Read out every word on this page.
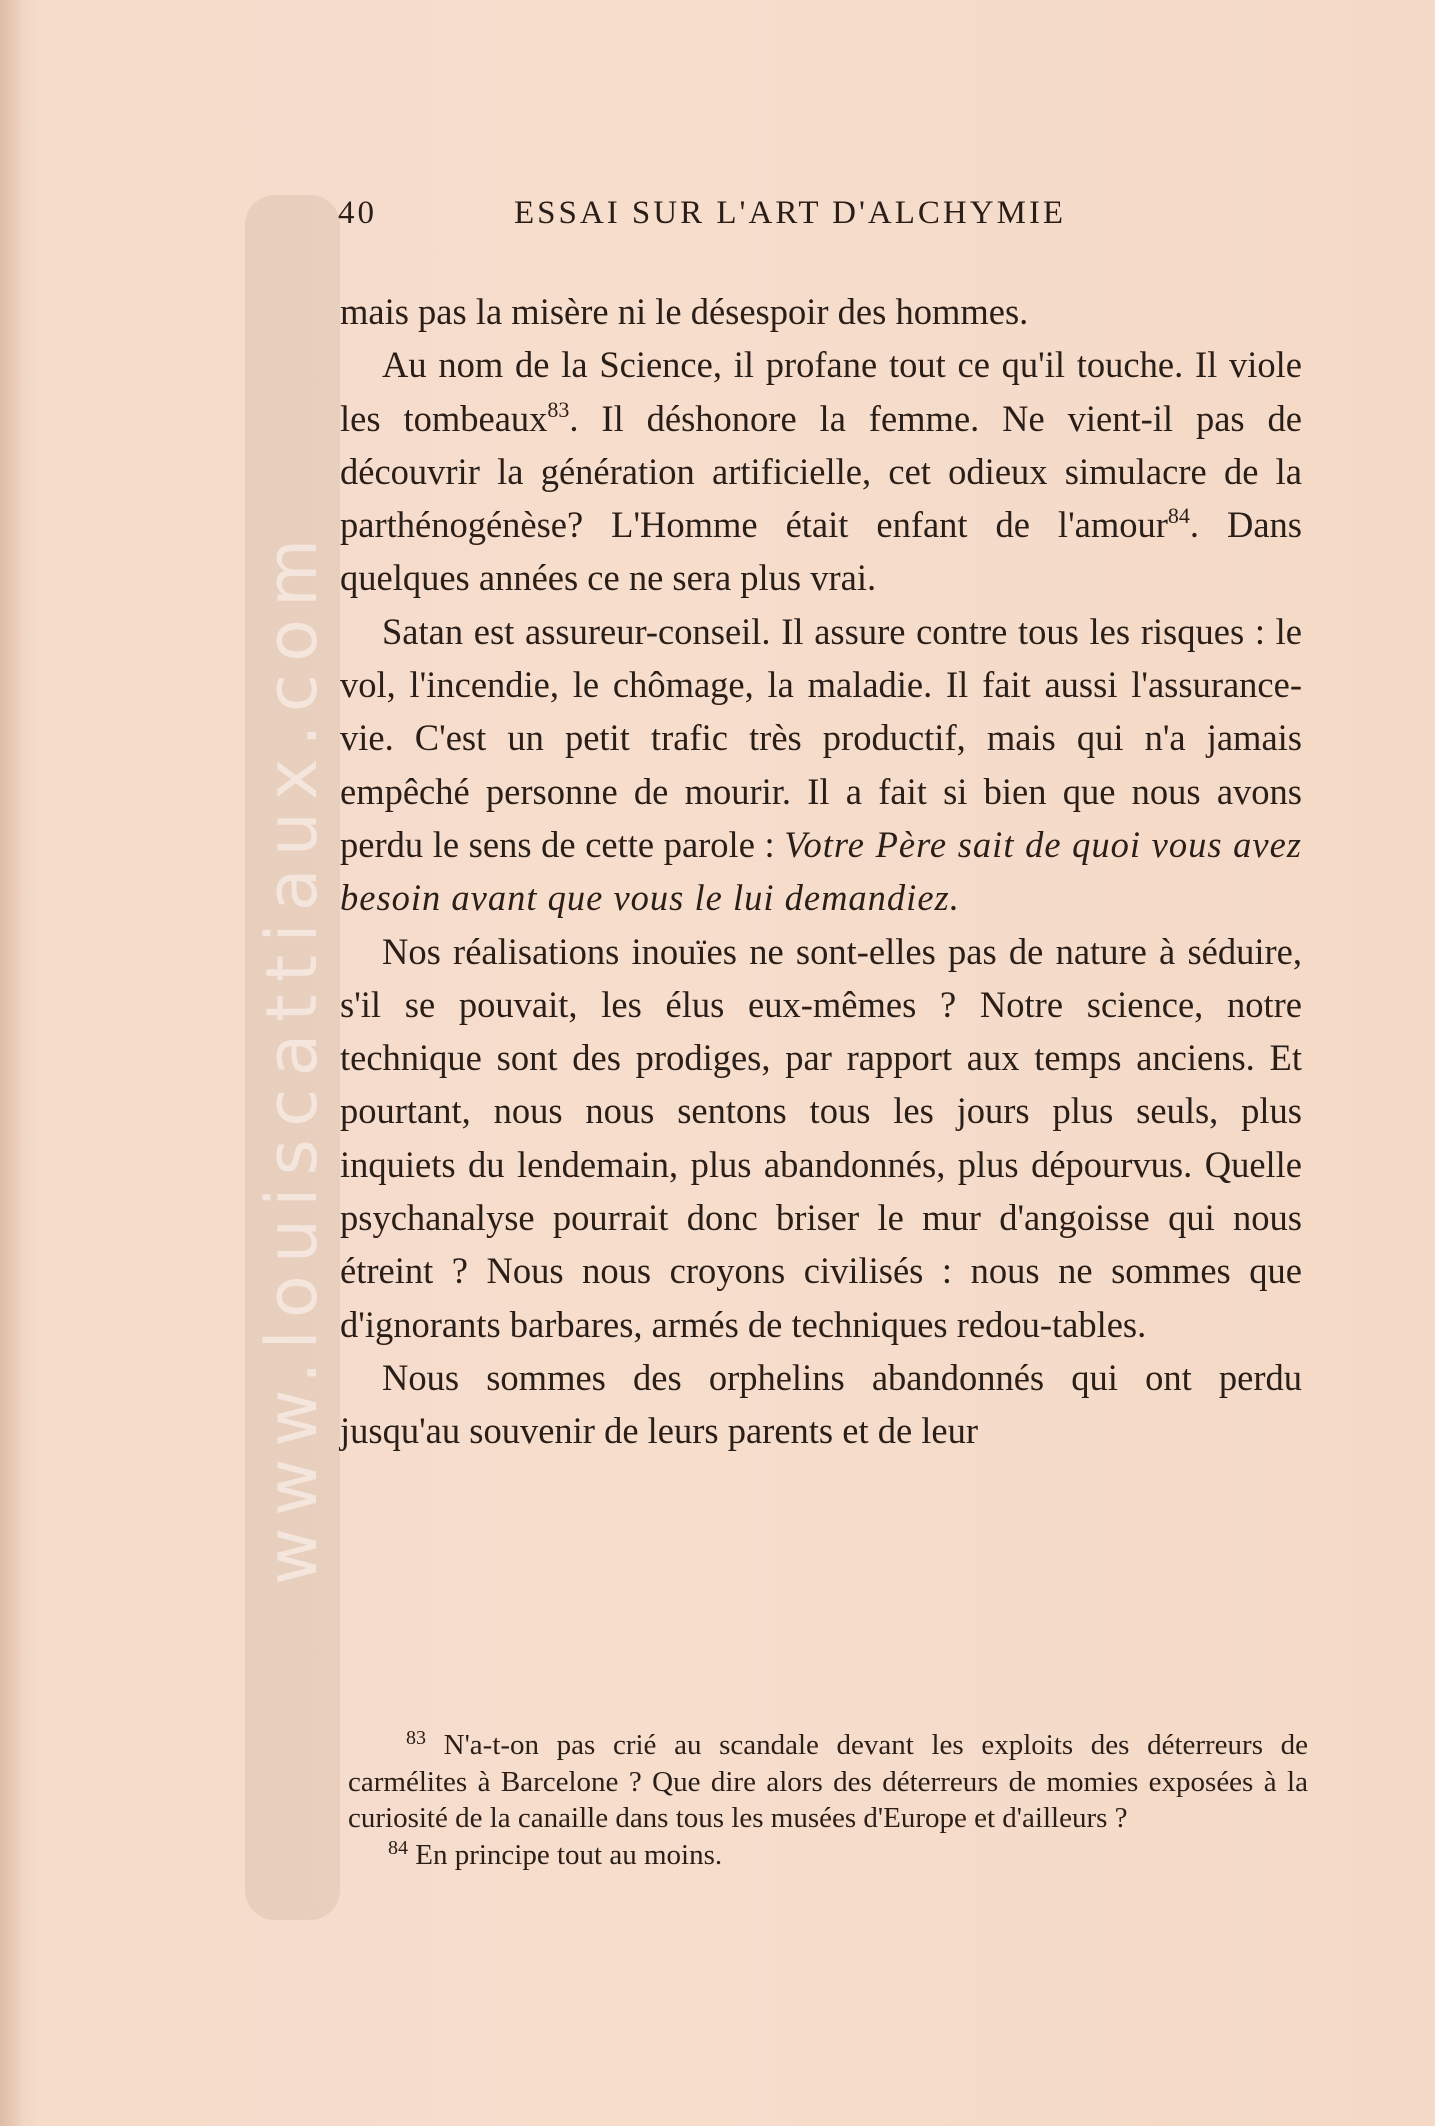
www.louiscattiaux.com
40	ESSAI SUR L'ART D'ALCHYMIE

mais pas la misère ni le désespoir des hommes.

Au nom de la Science, il profane tout ce qu'il touche. Il viole les tombeaux$^{83}$. Il déshonore la femme. Ne vient-il pas de découvrir la génération artificielle, cet odieux simulacre de la parthénogénèse? L'Homme était enfant de l'amour$^{84}$. Dans quelques années ce ne sera plus vrai.

Satan est assureur-conseil. Il assure contre tous les risques : le vol, l'incendie, le chômage, la maladie. Il fait aussi l'assurance-vie. C'est un petit trafic très productif, mais qui n'a jamais empêché personne de mourir. Il a fait si bien que nous avons perdu le sens de cette parole : Votre Père sait de quoi vous avez besoin avant que vous le lui demandiez.

Nos réalisations inouïes ne sont-elles pas de nature à séduire, s'il se pouvait, les élus eux-mêmes ? Notre science, notre technique sont des prodiges, par rapport aux temps anciens. Et pourtant, nous nous sentons tous les jours plus seuls, plus inquiets du lendemain, plus abandonnés, plus dépourvus. Quelle psychanalyse pourrait donc briser le mur d'angoisse qui nous étreint ? Nous nous croyons civilisés : nous ne sommes que d'ignorants barbares, armés de techniques redou-tables.

Nous sommes des orphelins abandonnés qui ont perdu jusqu'au souvenir de leurs parents et de leur

$^{83}$ N'a-t-on pas crié au scandale devant les exploits des déterreurs de carmélites à Barcelone ? Que dire alors des déterreurs de momies exposées à la curiosité de la canaille dans tous les musées d'Europe et d'ailleurs ?

$^{84}$ En principe tout au moins.
